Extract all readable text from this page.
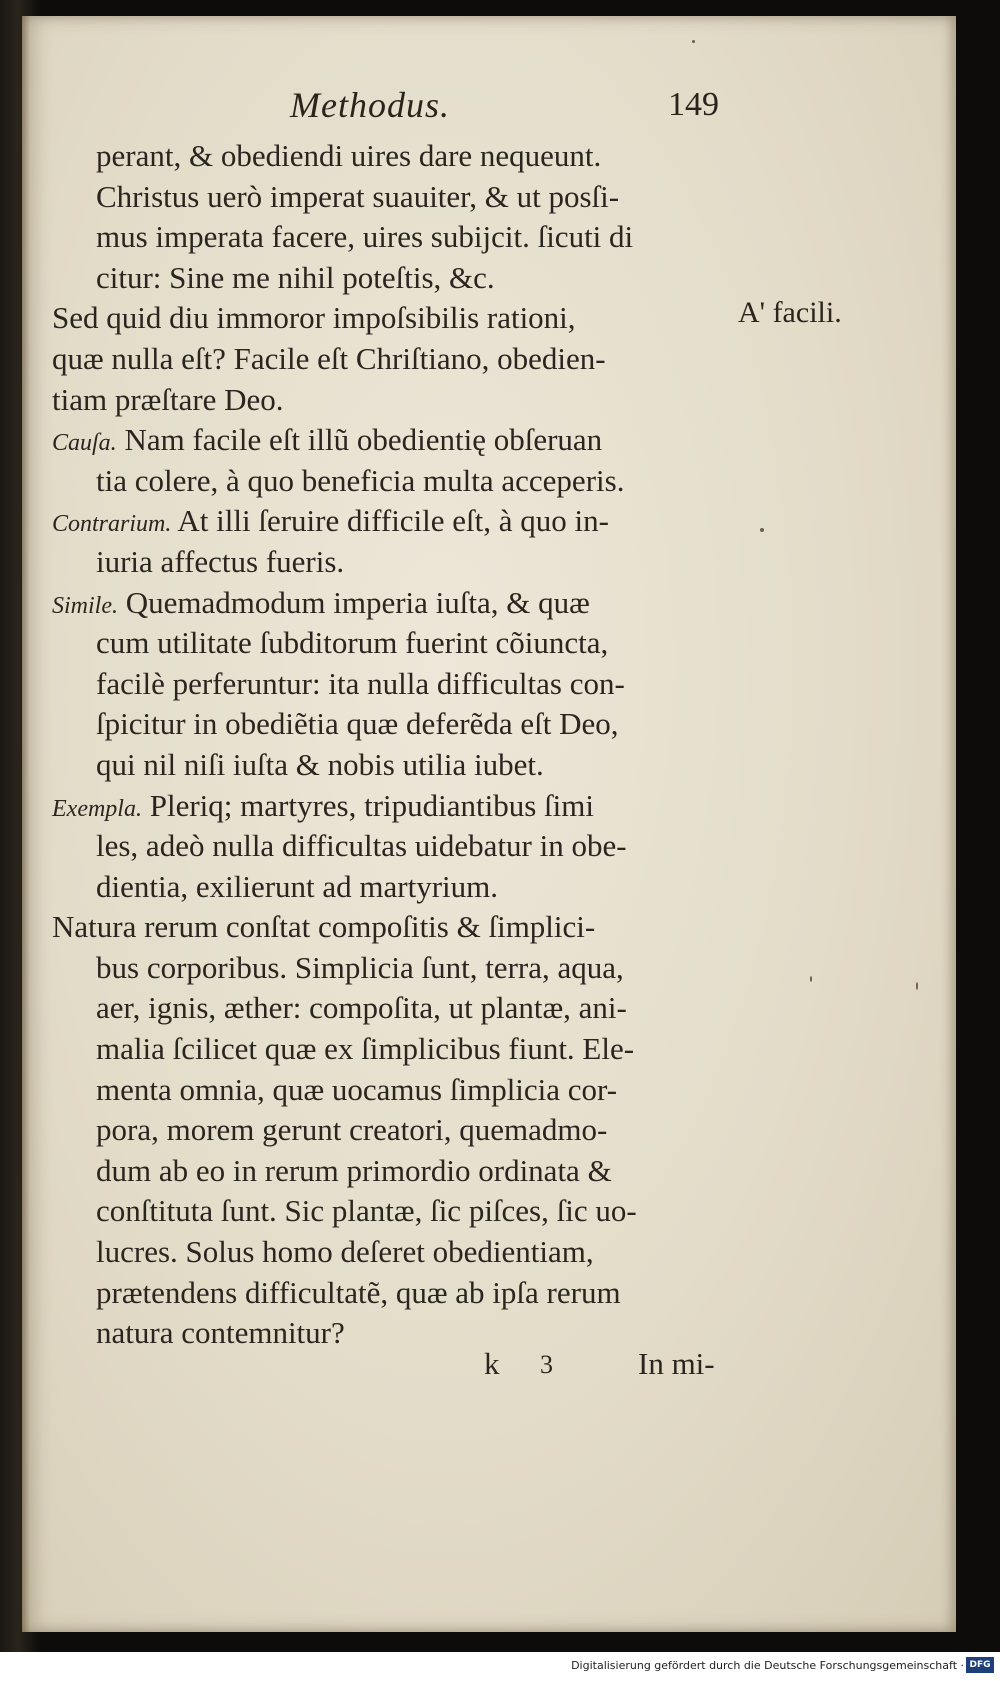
Methodus.	149
A' facili.
perant, & obediendi uires dare nequeunt.
Christus uerò imperat suauiter, & ut posſi-
mus imperata facere, uires subijcit. ſicuti di
citur: Sine me nihil poteſtis, &c.
Sed quid diu immoror impoſsibilis rationi,
quæ nulla eſt? Facile eſt Chriſtiano, obedien-
tiam præſtare Deo.
Cauſa. Nam facile eſt illũ obedientię obſeruan
tia colere, à quo beneficia multa acceperis.
Contrarium. At illi ſeruire difficile eſt, à quo in-
iuria affectus fueris.
Simile. Quemadmodum imperia iuſta, & quæ
cum utilitate ſubditorum fuerint cõiuncta,
facilè perferuntur: ita nulla difficultas con-
ſpicitur in obediẽtia quæ deferẽda eſt Deo,
qui nil niſi iuſta & nobis utilia iubet.
Exempla. Pleriq; martyres, tripudiantibus ſimi
les, adeò nulla difficultas uidebatur in obe-
dientia, exilierunt ad martyrium.
Natura rerum conſtat compoſitis & ſimplici-
bus corporibus. Simplicia ſunt, terra, aqua,
aer, ignis, æther: compoſita, ut plantæ, ani-
malia ſcilicet quæ ex ſimplicibus fiunt. Ele-
menta omnia, quæ uocamus ſimplicia cor-
pora, morem gerunt creatori, quemadmo-
dum ab eo in rerum primordio ordinata &
conſtituta ſunt. Sic plantæ, ſic piſces, ſic uo-
lucres. Solus homo deſeret obedientiam,
prætendens difficultatẽ, quæ ab ipſa rerum
natura contemnitur?
k 3	In mi-
Digitalisierung gefördert durch die Deutsche Forschungsgemeinschaft · DFG
